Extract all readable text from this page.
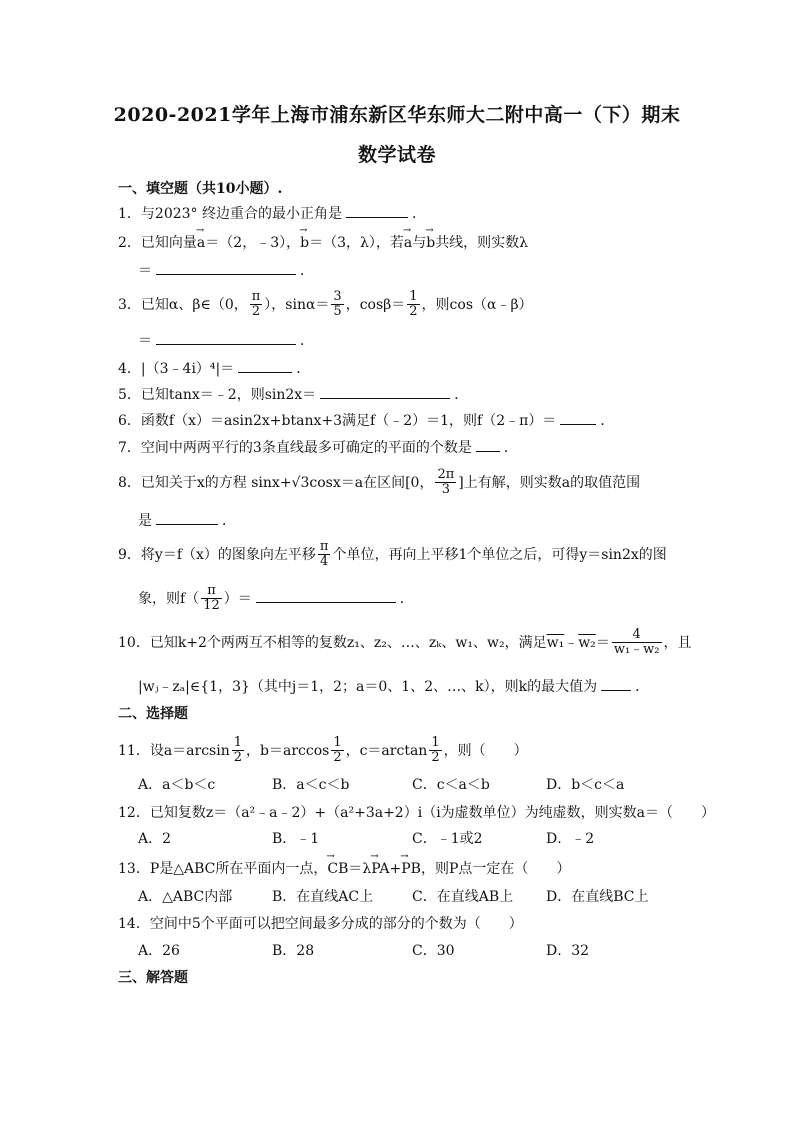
2020-2021学年上海市浦东新区华东师大二附中高一（下）期末
数学试卷
一、填空题（共10小题）.
1．与2023° 终边重合的最小正角是	．
2．已知向量→ a＝（2，﹣3），→ b＝（3，λ），若→ a与→ b共线，则实数λ
＝	．
3．已知α、β∈（0， $\frac{\pi}{2}$ ），$\sin\alpha= \frac{3}{5}$ ，$\cos\beta= \frac{1}{2}$ ，则cos（α﹣β）
＝	．
4．|（3﹣4i）⁴|＝	．
5．已知tanx＝﹣2，则sin2x＝	．
6．函数f（x）＝asin2x+btanx+3满足f（﹣2）＝1，则f（2﹣π）＝	．
7．空间中两两平行的3条直线最多可确定的平面的个数是 ．
8．已知关于x的方程 sinx+√3cosx＝a在区间[0， $\frac{2\pi}{3}$ ]上有解，则实数a的取值范围
是	．
9．将y＝f（x）的图象向左平移 $\frac{\pi}{4}$ 个单位，再向上平移1个单位之后，可得y＝sin2x的图
象，则$f( \frac{\pi}{12}$ ）＝	．
10．已知k+2个两两互不相等的复数z₁、z₂、…、zₖ、w₁、w₂，满足w₁﹣w₂＝ $\frac{4}{\text{w₁﹣w₂}}$ ，且
|wⱼ﹣zₐ|∈{1，3}（其中j＝1，2；a＝0、1、2、…、k），则k的最大值为	．
二、选择题
11．设$a=\arcsin \frac{1}{2}$ ，$b=\arccos \frac{1}{2}$ ，$c=\arctan \frac{1}{2}$ ，则（　　）
A．a＜b＜c	B．a＜c＜b	C．c＜a＜b	D．b＜c＜a
12．已知复数z＝（a²﹣a﹣2）+（a²+3a+2）i（i为虚数单位）为纯虚数，则实数a＝（　　）
A．2	B．﹣1	C．﹣1或2	D．﹣2
13．P是△ABC所在平面内一点，→ CB＝λ→ PA+→ PB，则P点一定在（　　）
A．△ABC内部	B．在直线AC上	C．在直线AB上 D．在直线BC上
14．空间中5个平面可以把空间最多分成的部分的个数为（　　）
A．26	B．28	C．30	D．32
三、解答题
